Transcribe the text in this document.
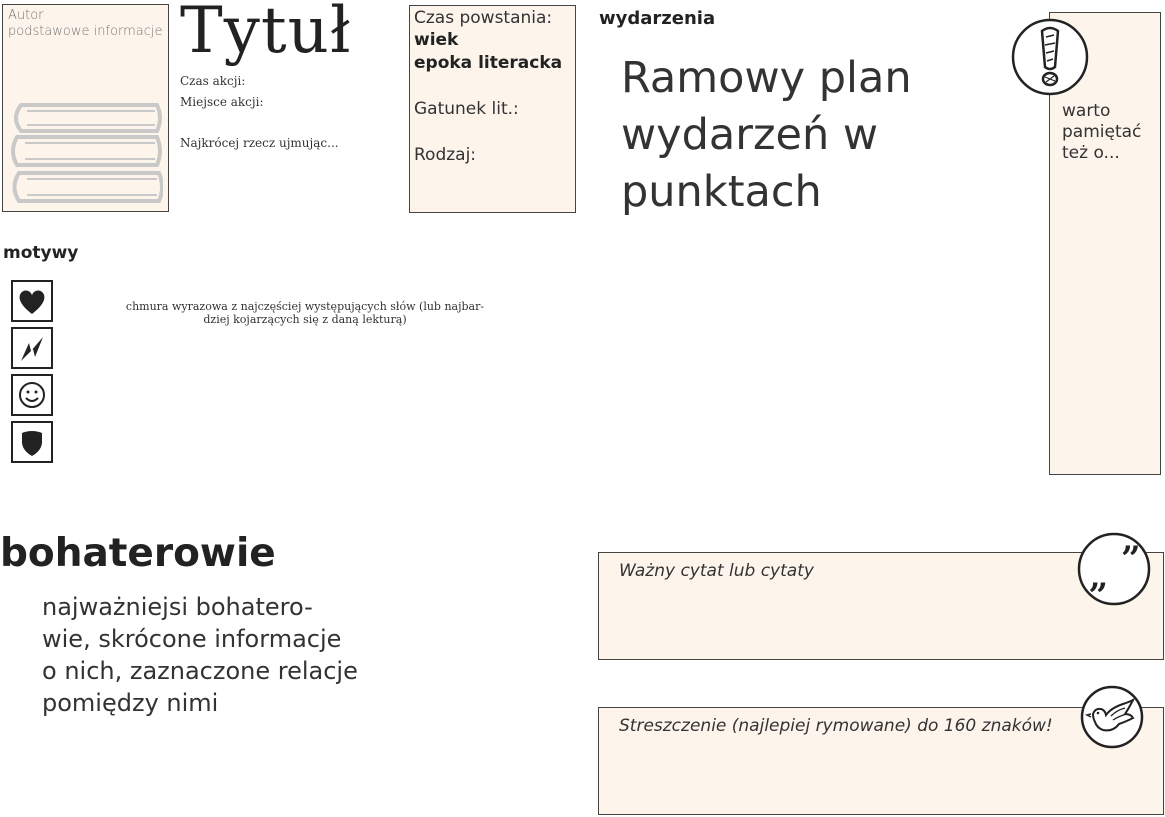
Autor
podstawowe informacje Tytuł
Czas akcji:
Miejsce akcji:
Najkrócej rzecz ujmując...
Czas powstania:
wiek
epoka literacka
Gatunek lit.:
Rodzaj:
wydarzenia
Ramowy plan wydarzeń w punktach
warto
pamiętać
też o...
motywy
chmura wyrazowa z najczęściej występujących słów (lub najbar-
dziej kojarzących się z daną lekturą)
bohaterowie
najważniejsi bohatero-
wie, skrócone informacje
o nich, zaznaczone relacje
pomiędzy nimi
Ważny cytat lub cytaty	„ ”
Streszczenie (najlepiej rymowane) do 160 znaków!
